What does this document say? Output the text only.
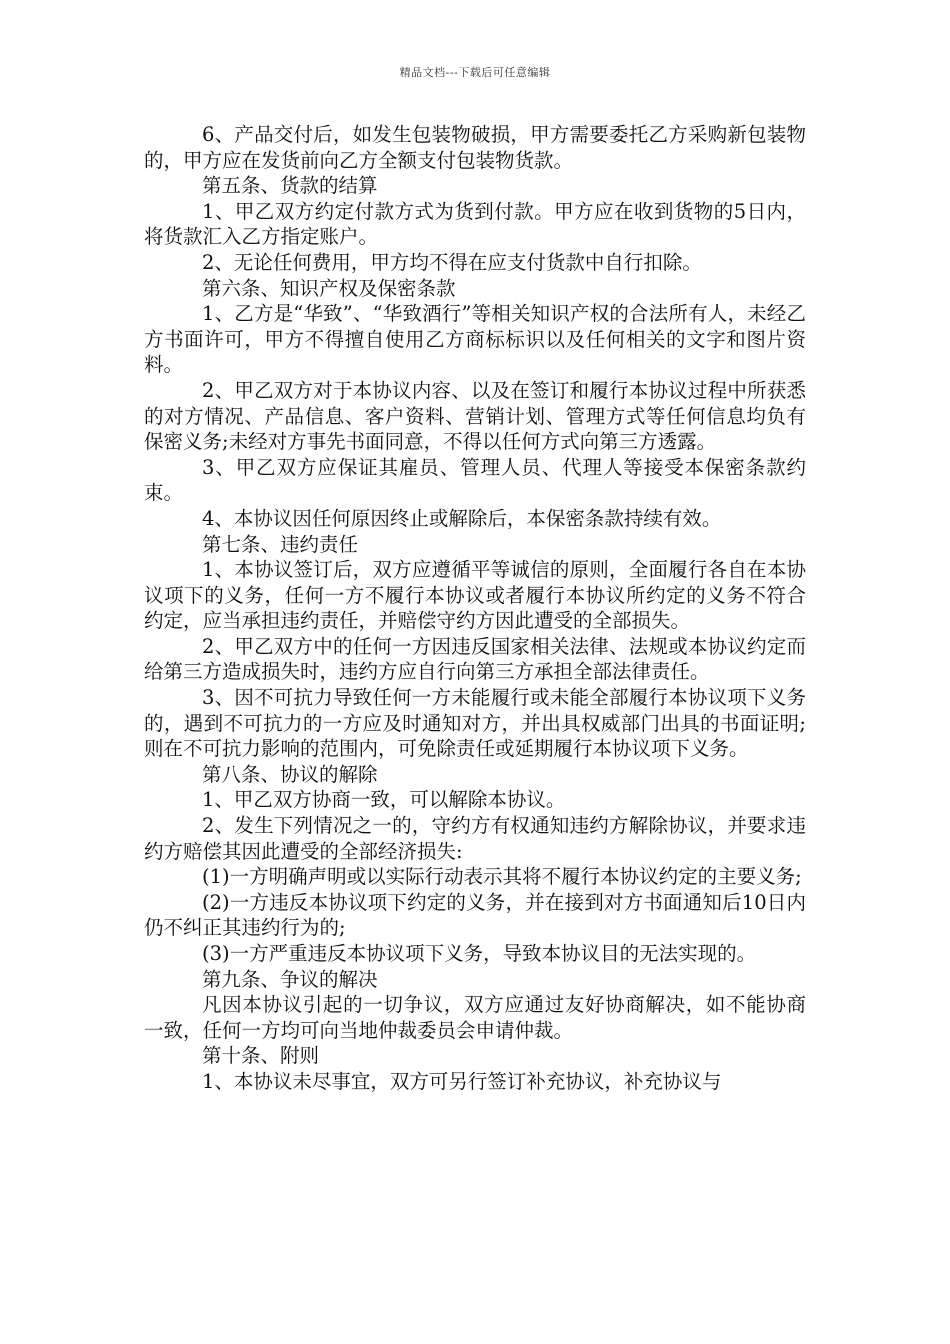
精品文档---下载后可任意编辑

6、产品交付后，如发生包装物破损，甲方需要委托乙方采购新包装物的，甲方应在发货前向乙方全额支付包装物货款。

第五条、货款的结算

1、甲乙双方约定付款方式为货到付款。甲方应在收到货物的5日内，将货款汇入乙方指定账户。

2、无论任何费用，甲方均不得在应支付货款中自行扣除。

第六条、知识产权及保密条款

1、乙方是“华致”、“华致酒行”等相关知识产权的合法所有人，未经乙方书面许可，甲方不得擅自使用乙方商标标识以及任何相关的文字和图片资料。

2、甲乙双方对于本协议内容、以及在签订和履行本协议过程中所获悉的对方情况、产品信息、客户资料、营销计划、管理方式等任何信息均负有保密义务;未经对方事先书面同意，不得以任何方式向第三方透露。

3、甲乙双方应保证其雇员、管理人员、代理人等接受本保密条款约束。

4、本协议因任何原因终止或解除后，本保密条款持续有效。

第七条、违约责任

1、本协议签订后，双方应遵循平等诚信的原则，全面履行各自在本协议项下的义务，任何一方不履行本协议或者履行本协议所约定的义务不符合约定，应当承担违约责任，并赔偿守约方因此遭受的全部损失。

2、甲乙双方中的任何一方因违反国家相关法律、法规或本协议约定而给第三方造成损失时，违约方应自行向第三方承担全部法律责任。

3、因不可抗力导致任何一方未能履行或未能全部履行本协议项下义务的，遇到不可抗力的一方应及时通知对方，并出具权威部门出具的书面证明;则在不可抗力影响的范围内，可免除责任或延期履行本协议项下义务。

第八条、协议的解除

1、甲乙双方协商一致，可以解除本协议。

2、发生下列情况之一的，守约方有权通知违约方解除协议，并要求违约方赔偿其因此遭受的全部经济损失:

(1)一方明确声明或以实际行动表示其将不履行本协议约定的主要义务;

(2)一方违反本协议项下约定的义务，并在接到对方书面通知后10日内仍不纠正其违约行为的;

(3)一方严重违反本协议项下义务，导致本协议目的无法实现的。

第九条、争议的解决

凡因本协议引起的一切争议，双方应通过友好协商解决，如不能协商一致，任何一方均可向当地仲裁委员会申请仲裁。

第十条、附则

1、本协议未尽事宜，双方可另行签订补充协议，补充协议与
